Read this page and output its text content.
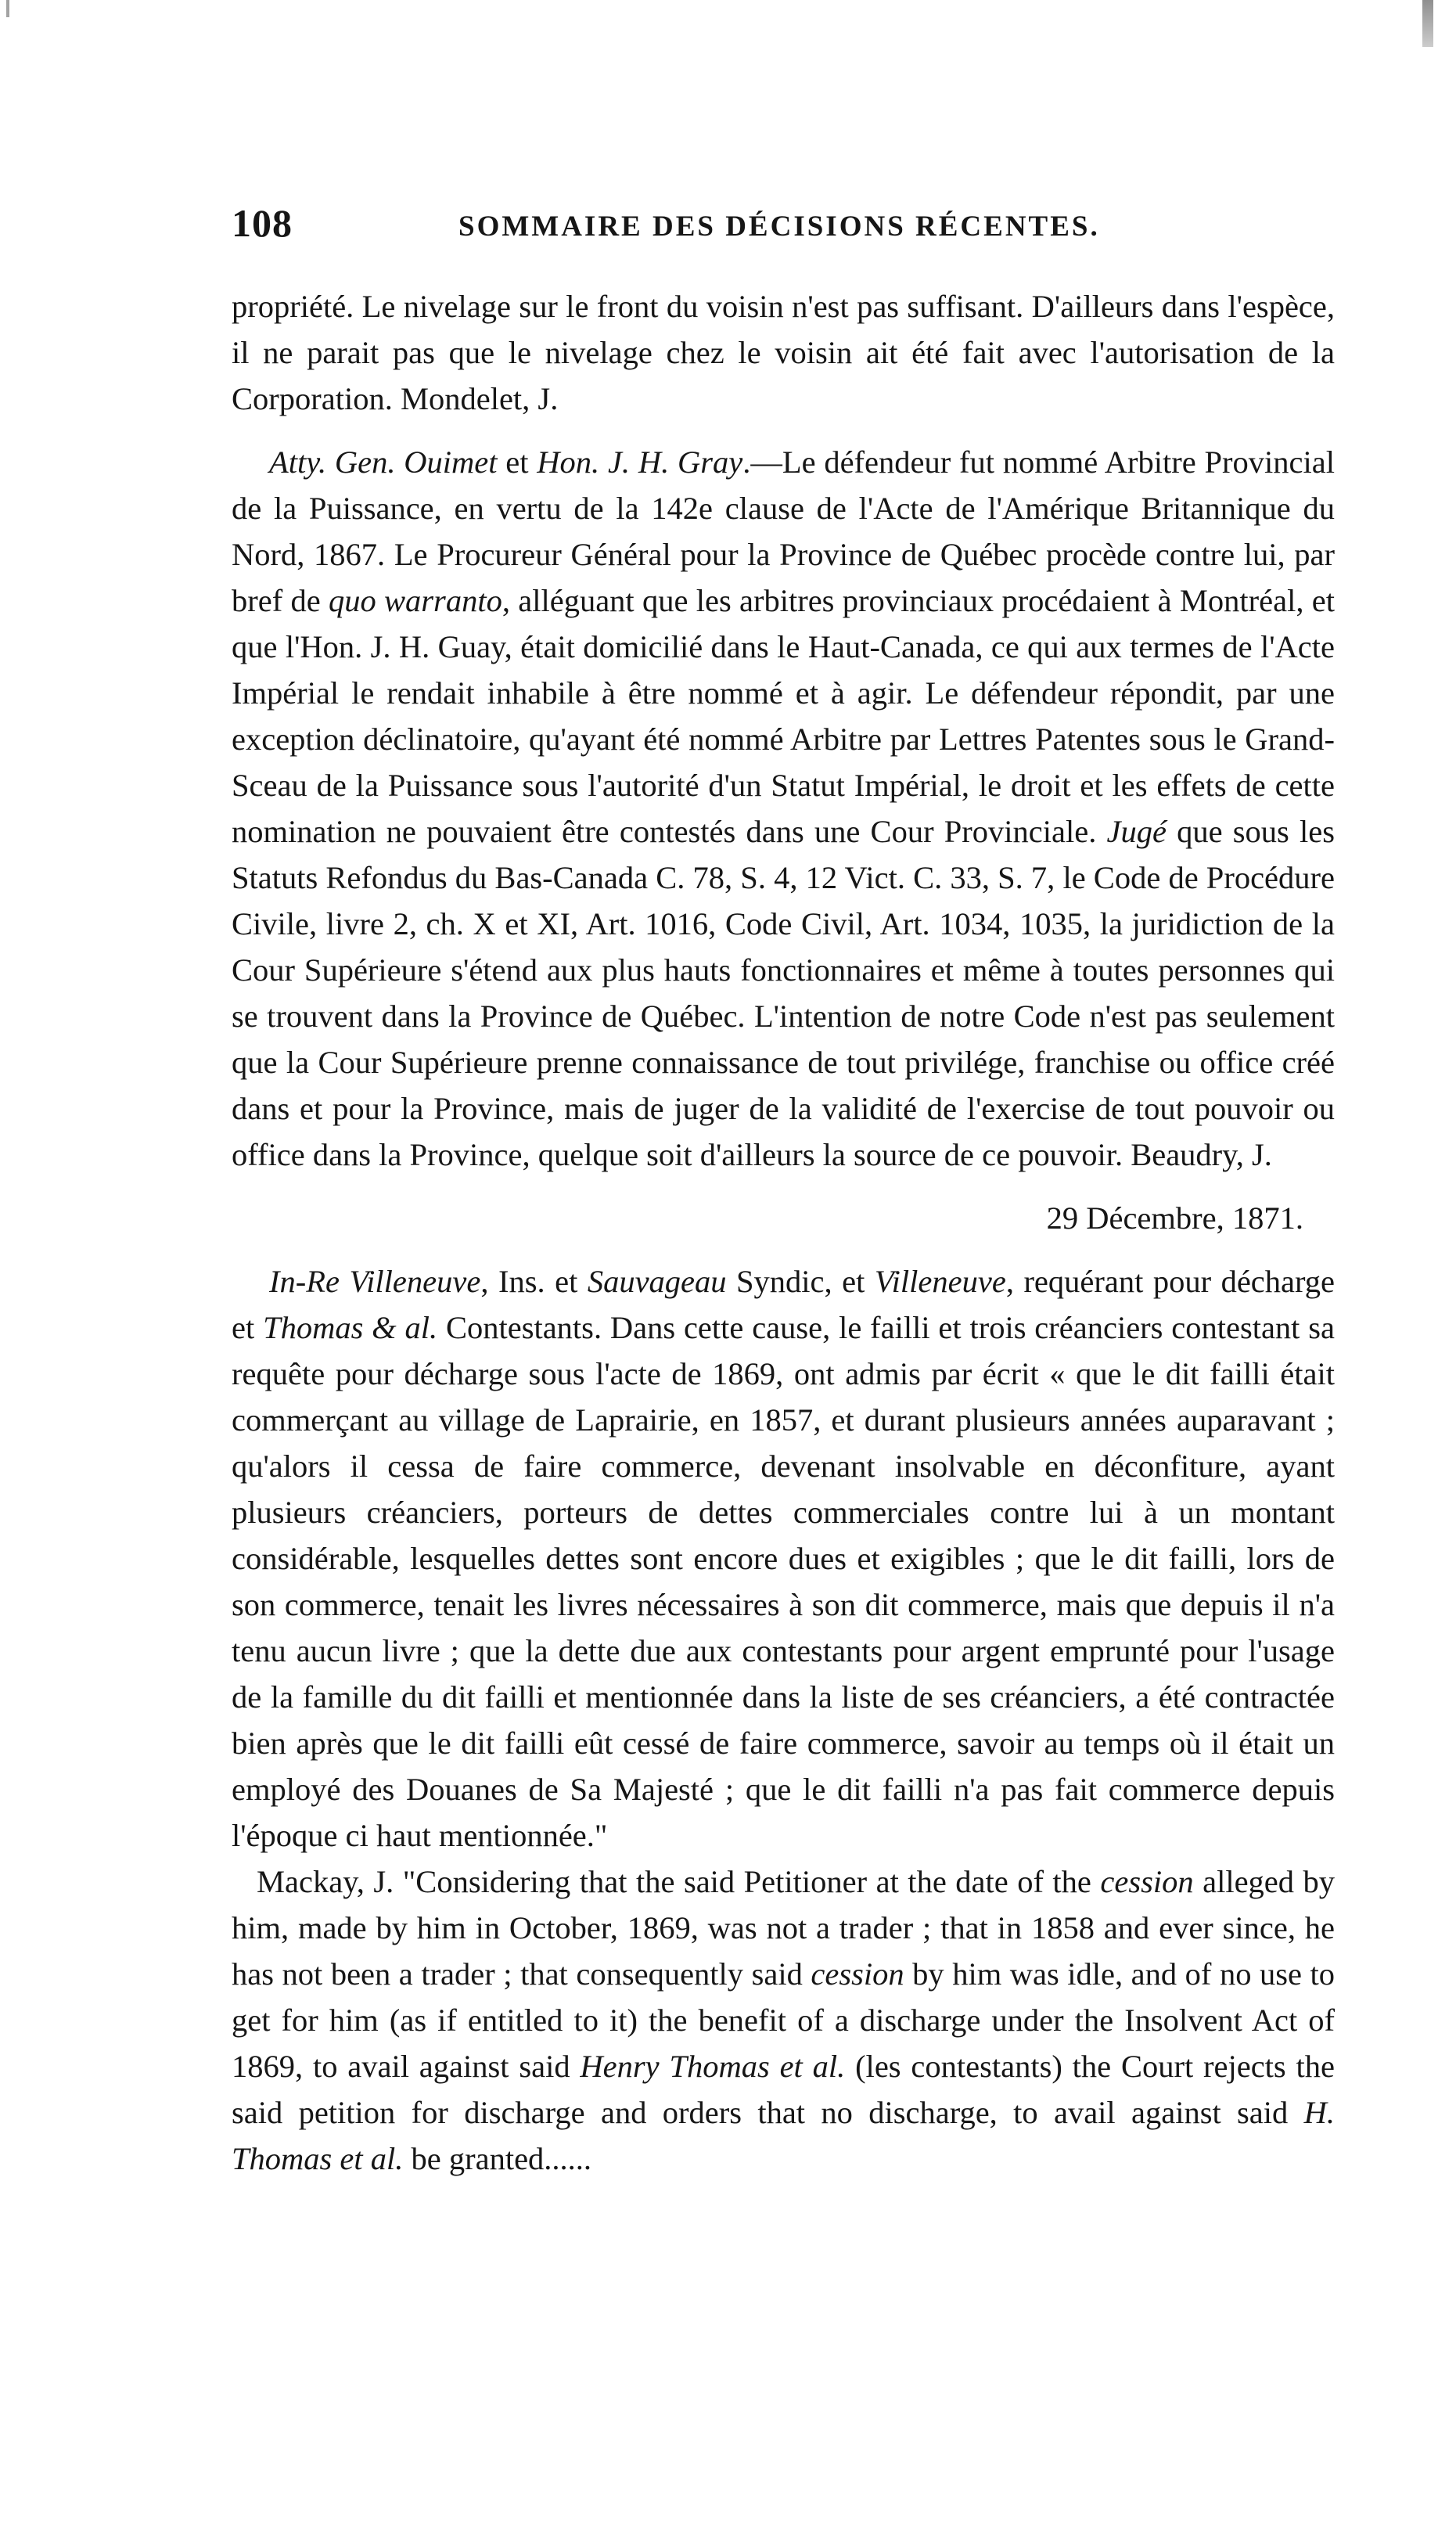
108	SOMMAIRE DES DÉCISIONS RÉCENTES.

propriété. Le nivelage sur le front du voisin n'est pas suffisant. D'ailleurs dans l'espèce, il ne parait pas que le nivelage chez le voisin ait été fait avec l'autorisation de la Corporation. Mondelet, J.

Atty. Gen. Ouimet et Hon. J. H. Gray.—Le défendeur fut nommé Arbitre Provincial de la Puissance, en vertu de la 142e clause de l'Acte de l'Amérique Britannique du Nord, 1867. Le Procureur Général pour la Province de Québec procède contre lui, par bref de quo warranto, alléguant que les arbitres provinciaux procédaient à Montréal, et que l'Hon. J. H. Guay, était domicilié dans le Haut-Canada, ce qui aux termes de l'Acte Impérial le rendait inhabile à être nommé et à agir. Le défendeur répondit, par une exception déclinatoire, qu'ayant été nommé Arbitre par Lettres Patentes sous le Grand-Sceau de la Puissance sous l'autorité d'un Statut Impérial, le droit et les effets de cette nomination ne pouvaient être contestés dans une Cour Provinciale. Jugé que sous les Statuts Refondus du Bas-Canada C. 78, S. 4, 12 Vict. C. 33, S. 7, le Code de Procédure Civile, livre 2, ch. X et XI, Art. 1016, Code Civil, Art. 1034, 1035, la juridiction de la Cour Supérieure s'étend aux plus hauts fonctionnaires et même à toutes personnes qui se trouvent dans la Province de Québec. L'intention de notre Code n'est pas seulement que la Cour Supérieure prenne connaissance de tout privilége, franchise ou office créé dans et pour la Province, mais de juger de la validité de l'exercise de tout pouvoir ou office dans la Province, quelque soit d'ailleurs la source de ce pouvoir. Beaudry, J.

29 Décembre, 1871.

In-Re Villeneuve, Ins. et Sauvageau Syndic, et Villeneuve, requérant pour décharge et Thomas & al. Contestants. Dans cette cause, le failli et trois créanciers contestant sa requête pour décharge sous l'acte de 1869, ont admis par écrit « que le dit failli était commerçant au village de Laprairie, en 1857, et durant plusieurs années auparavant ; qu'alors il cessa de faire commerce, devenant insolvable en déconfiture, ayant plusieurs créanciers, porteurs de dettes commerciales contre lui à un montant considérable, lesquelles dettes sont encore dues et exigibles ; que le dit failli, lors de son commerce, tenait les livres nécessaires à son dit commerce, mais que depuis il n'a tenu aucun livre ; que la dette due aux contestants pour argent emprunté pour l'usage de la famille du dit failli et mentionnée dans la liste de ses créanciers, a été contractée bien après que le dit failli eût cessé de faire commerce, savoir au temps où il était un employé des Douanes de Sa Majesté ; que le dit failli n'a pas fait commerce depuis l'époque ci haut mentionnée."

Mackay, J. "Considering that the said Petitioner at the date of the cession alleged by him, made by him in October, 1869, was not a trader ; that in 1858 and ever since, he has not been a trader ; that consequently said cession by him was idle, and of no use to get for him (as if entitled to it) the benefit of a discharge under the Insolvent Act of 1869, to avail against said Henry Thomas et al. (les contestants) the Court rejects the said petition for discharge and orders that no discharge, to avail against said H. Thomas et al. be granted......
